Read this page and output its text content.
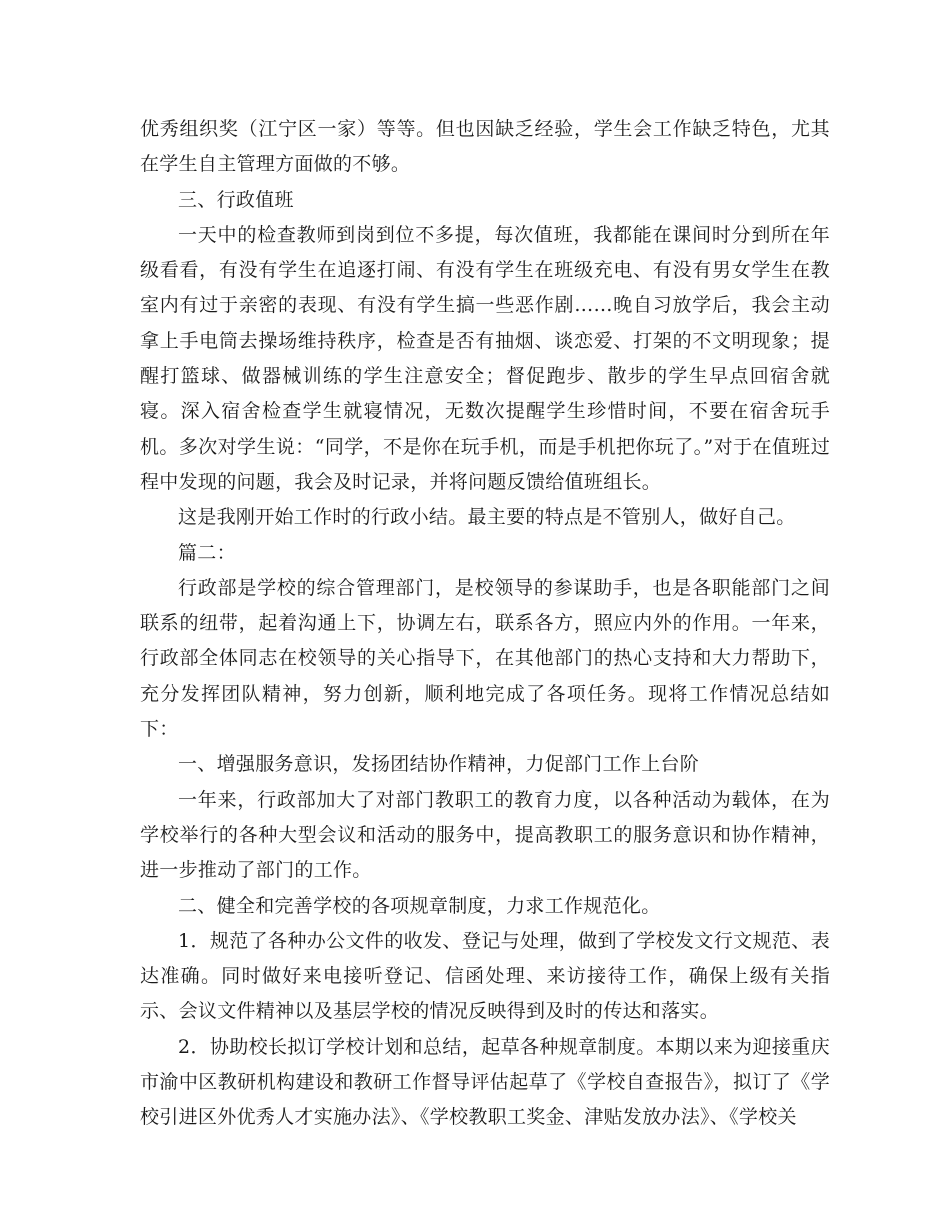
优秀组织奖（江宁区一家）等等。但也因缺乏经验，学生会工作缺乏特色，尤其在学生自主管理方面做的不够。

三、行政值班

一天中的检查教师到岗到位不多提，每次值班，我都能在课间时分到所在年级看看，有没有学生在追逐打闹、有没有学生在班级充电、有没有男女学生在教室内有过于亲密的表现、有没有学生搞一些恶作剧……晚自习放学后，我会主动拿上手电筒去操场维持秩序，检查是否有抽烟、谈恋爱、打架的不文明现象；提醒打篮球、做器械训练的学生注意安全；督促跑步、散步的学生早点回宿舍就寝。深入宿舍检查学生就寝情况，无数次提醒学生珍惜时间，不要在宿舍玩手机。多次对学生说：“同学，不是你在玩手机，而是手机把你玩了。”对于在值班过程中发现的问题，我会及时记录，并将问题反馈给值班组长。

这是我刚开始工作时的行政小结。最主要的特点是不管别人，做好自己。

篇二：

行政部是学校的综合管理部门，是校领导的参谋助手，也是各职能部门之间联系的纽带，起着沟通上下，协调左右，联系各方，照应内外的作用。一年来，行政部全体同志在校领导的关心指导下，在其他部门的热心支持和大力帮助下，充分发挥团队精神，努力创新，顺利地完成了各项任务。现将工作情况总结如下：

一、增强服务意识，发扬团结协作精神，力促部门工作上台阶

一年来，行政部加大了对部门教职工的教育力度，以各种活动为载体，在为学校举行的各种大型会议和活动的服务中，提高教职工的服务意识和协作精神，进一步推动了部门的工作。

二、健全和完善学校的各项规章制度，力求工作规范化。

1．规范了各种办公文件的收发、登记与处理，做到了学校发文行文规范、表达准确。同时做好来电接听登记、信函处理、来访接待工作，确保上级有关指示、会议文件精神以及基层学校的情况反映得到及时的传达和落实。

2．协助校长拟订学校计划和总结，起草各种规章制度。本期以来为迎接重庆市渝中区教研机构建设和教研工作督导评估起草了《学校自查报告》，拟订了《学校引进区外优秀人才实施办法》、《学校教职工奖金、津贴发放办法》、《学校关
